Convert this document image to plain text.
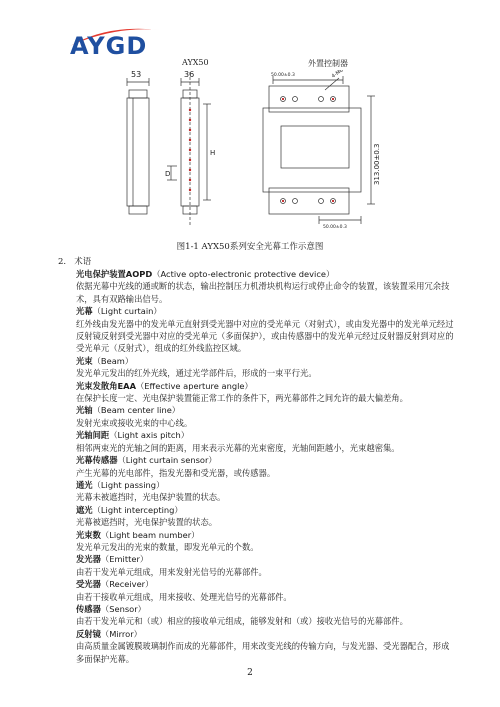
AYGD
AYX50	外置控制器
53	36
D
H
50.00±0.3	4-M6
313.00±0.3
50.00±0.3
图1-1 AYX50系列安全光幕工作示意图
2. 术语
光电保护装置AOPD（Active opto-electronic protective device）
依据光幕中光线的通或断的状态，输出控制压力机滑块机构运行或停止命令的装置，该装置采用冗余技术，具有双路输出信号。
光幕（Light curtain）
红外线由发光器中的发光单元直射到受光器中对应的受光单元（对射式），或由发光器中的发光单元经过反射镜反射到受光器中对应的受光单元（多面保护），或由传感器中的发光单元经过反射器反射到对应的受光单元（反射式），组成的红外线监控区域。
光束（Beam）
发光单元发出的红外光线，通过光学部件后，形成的一束平行光。
光束发散角EAA（Effective aperture angle）
在保护长度一定、光电保护装置能正常工作的条件下，两光幕部件之间允许的最大偏差角。
光轴（Beam center line）
发射光束或接收光束的中心线。
光轴间距（Light axis pitch）
相邻两束光的光轴之间的距离，用来表示光幕的光束密度，光轴间距越小，光束越密集。
光幕传感器（Light curtain sensor）
产生光幕的光电部件，指发光器和受光器，或传感器。
通光（Light passing）
光幕未被遮挡时，光电保护装置的状态。
遮光（Light intercepting）
光幕被遮挡时，光电保护装置的状态。
光束数（Light beam number）
发光单元发出的光束的数量，即发光单元的个数。
发光器（Emitter）
由若干发光单元组成，用来发射光信号的光幕部件。
受光器（Receiver）
由若干接收单元组成，用来接收、处理光信号的光幕部件。
传感器（Sensor）
由若干发光单元和（或）相应的接收单元组成，能够发射和（或）接收光信号的光幕部件。
反射镜（Mirror）
由高质量金属镀膜玻璃制作而成的光幕部件，用来改变光线的传输方向，与发光器、受光器配合，形成多面保护光幕。
2
